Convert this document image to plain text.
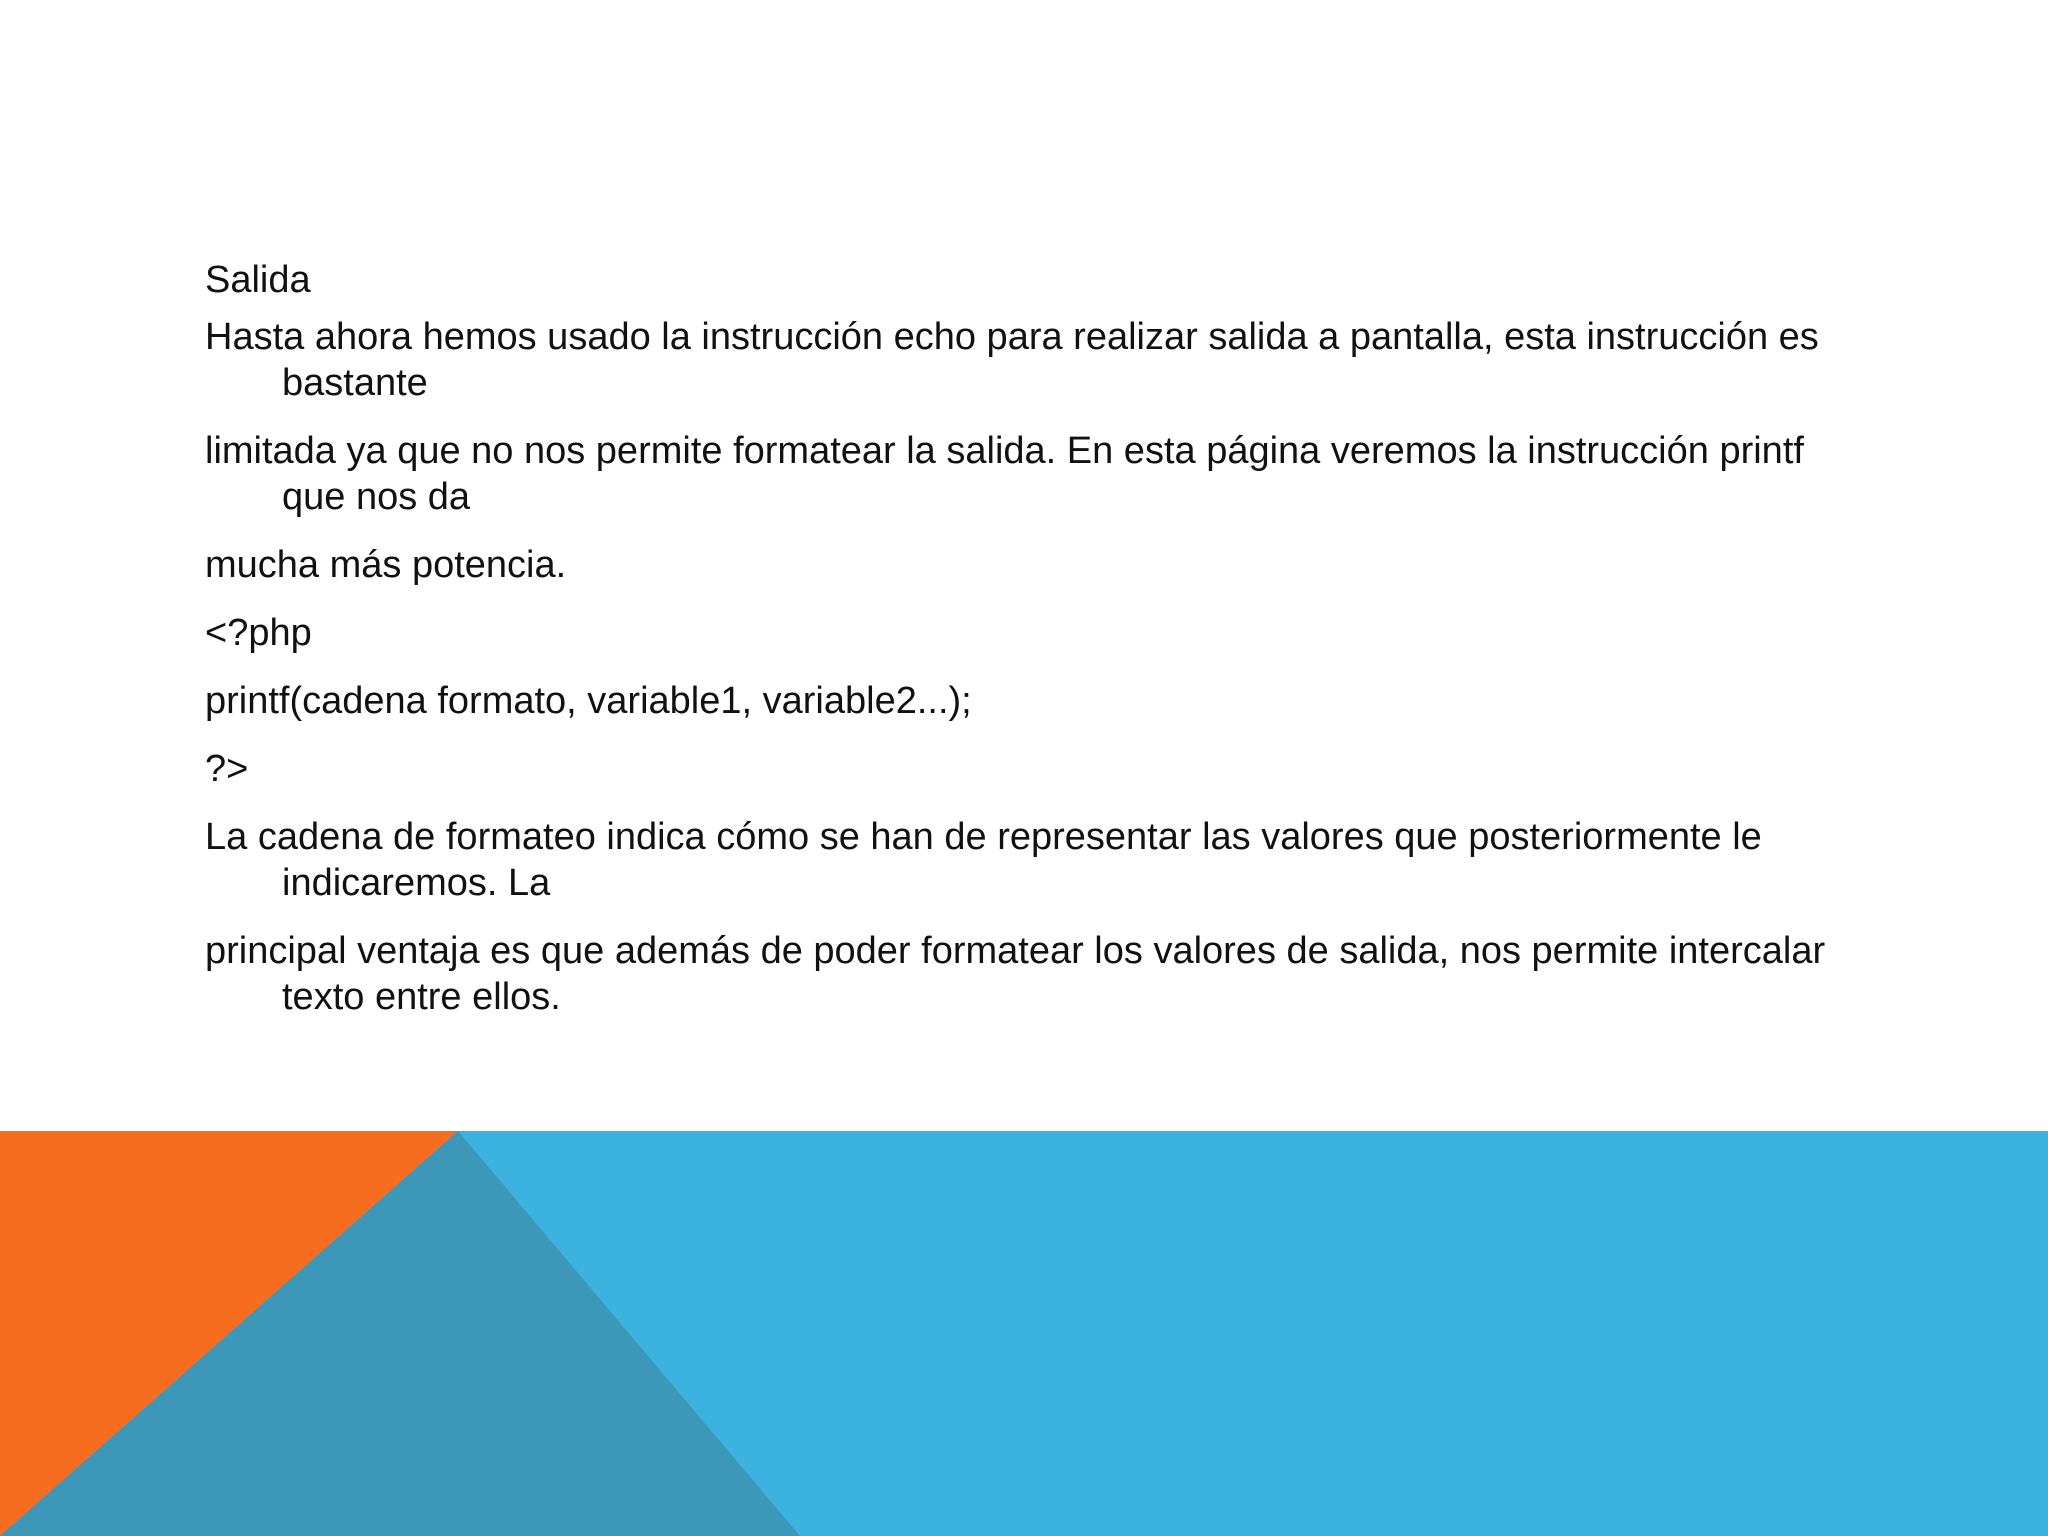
Salida

Hasta ahora hemos usado la instrucción echo para realizar salida a pantalla, esta instrucción es bastante

limitada ya que no nos permite formatear la salida. En esta página veremos la instrucción printf que nos da

mucha más potencia.

<?php

printf(cadena formato, variable1, variable2...);

?>

La cadena de formateo indica cómo se han de representar las valores que posteriormente le indicaremos. La

principal ventaja es que además de poder formatear los valores de salida, nos permite intercalar texto entre ellos.
